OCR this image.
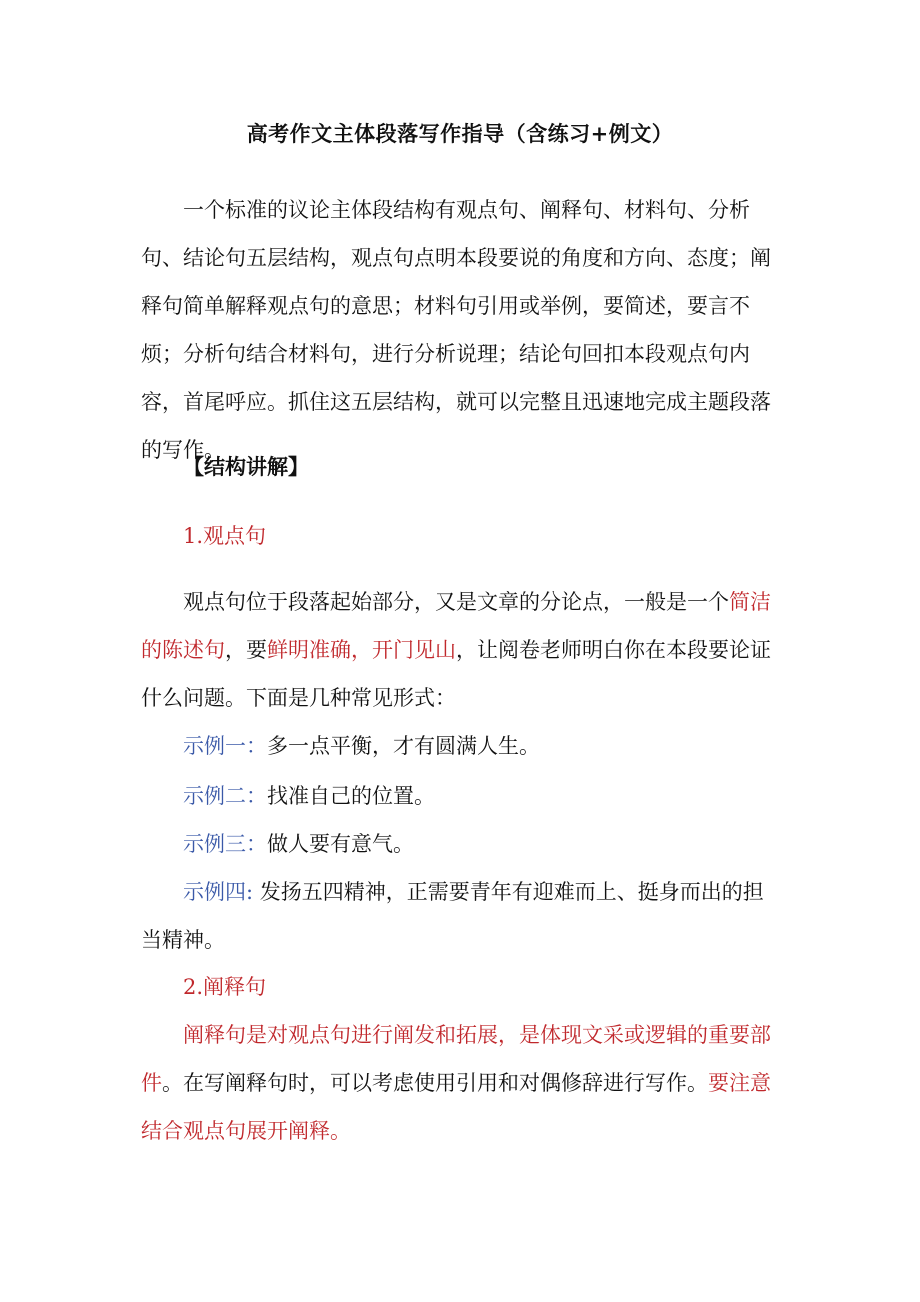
高考作文主体段落写作指导（含练习+例文）

一个标准的议论主体段结构有观点句、阐释句、材料句、分析句、结论句五层结构，观点句点明本段要说的角度和方向、态度；阐释句简单解释观点句的意思；材料句引用或举例，要简述，要言不烦；分析句结合材料句，进行分析说理；结论句回扣本段观点句内容，首尾呼应。抓住这五层结构，就可以完整且迅速地完成主题段落的写作。

【结构讲解】
1.观点句

观点句位于段落起始部分，又是文章的分论点，一般是一个简洁的陈述句，要鲜明准确，开门见山，让阅卷老师明白你在本段要论证什么问题。下面是几种常见形式：

示例一：多一点平衡，才有圆满人生。
示例二：找准自己的位置。
示例三：做人要有意气。

示例四: 发扬五四精神，正需要青年有迎难而上、挺身而出的担当精神。

2.阐释句

阐释句是对观点句进行阐发和拓展，是体现文采或逻辑的重要部件。在写阐释句时，可以考虑使用引用和对偶修辞进行写作。要注意结合观点句展开阐释。
